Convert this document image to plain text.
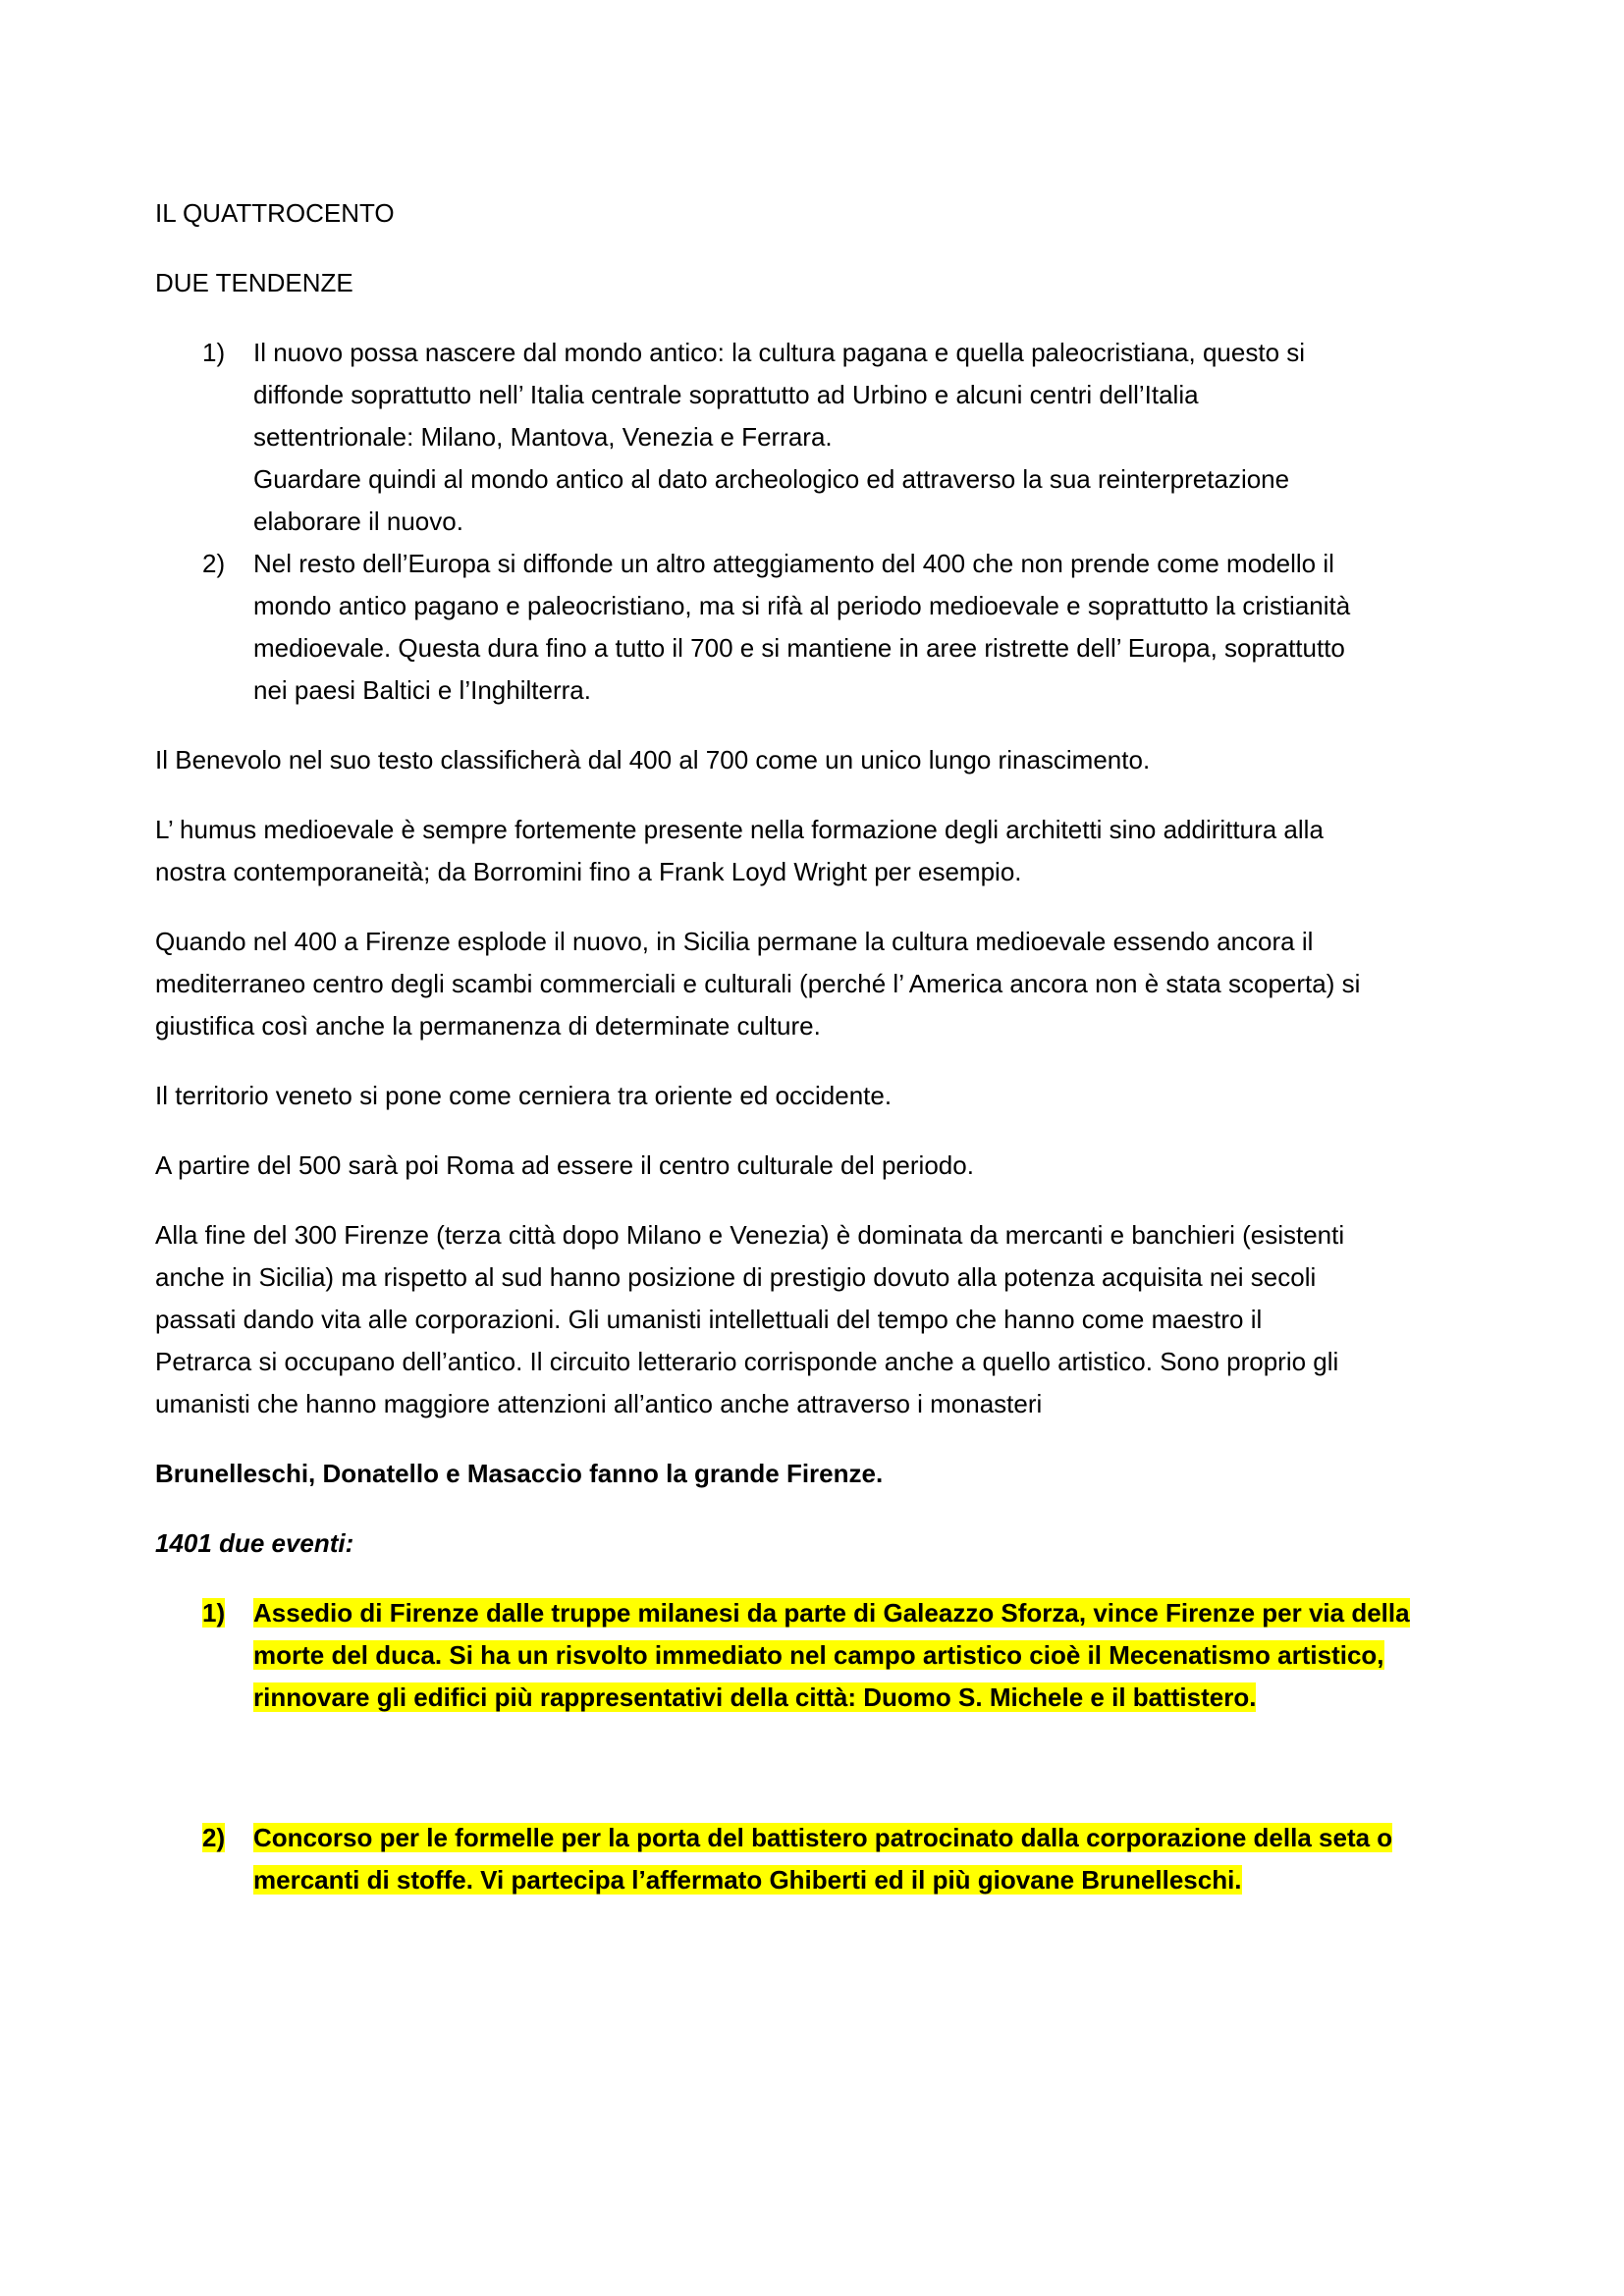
IL QUATTROCENTO
DUE TENDENZE
1) Il nuovo possa nascere dal mondo antico: la cultura pagana e quella paleocristiana, questo si
diffonde soprattutto nell’ Italia centrale soprattutto ad Urbino e alcuni centri dell’Italia
settentrionale: Milano, Mantova, Venezia e Ferrara.
Guardare quindi al mondo antico al dato archeologico ed attraverso la sua reinterpretazione
elaborare il nuovo.
2) Nel resto dell’Europa si diffonde un altro atteggiamento del 400 che non prende come modello il
mondo antico pagano e paleocristiano, ma si rifà al periodo medioevale e soprattutto la cristianità
medioevale. Questa dura fino a tutto il 700 e si mantiene in aree ristrette dell’ Europa, soprattutto
nei paesi Baltici e l’Inghilterra.
Il Benevolo nel suo testo classificherà dal 400 al 700 come un unico lungo rinascimento.
L’ humus medioevale è sempre fortemente presente nella formazione degli architetti sino addirittura alla
nostra contemporaneità; da Borromini fino a Frank Loyd Wright per esempio.
Quando nel 400 a Firenze esplode il nuovo, in Sicilia permane la cultura medioevale essendo ancora il
mediterraneo centro degli scambi commerciali e culturali (perché l’ America ancora non è stata scoperta) si
giustifica così anche la permanenza di determinate culture.
Il territorio veneto si pone come cerniera tra oriente ed occidente.
A partire del 500 sarà poi Roma ad essere il centro culturale del periodo.
Alla fine del 300 Firenze (terza città dopo Milano e Venezia) è dominata da mercanti e banchieri (esistenti
anche in Sicilia) ma rispetto al sud hanno posizione di prestigio dovuto alla potenza acquisita nei secoli
passati dando vita alle corporazioni. Gli umanisti intellettuali del tempo che hanno come maestro il
Petrarca si occupano dell’antico. Il circuito letterario corrisponde anche a quello artistico. Sono proprio gli
umanisti che hanno maggiore attenzioni all’antico anche attraverso i monasteri
Brunelleschi, Donatello e Masaccio fanno la grande Firenze.
1401 due eventi:
1) Assedio di Firenze dalle truppe milanesi da parte di Galeazzo Sforza, vince Firenze per via della
morte del duca. Si ha un risvolto immediato nel campo artistico cioè il Mecenatismo artistico,
rinnovare gli edifici più rappresentativi della città: Duomo S. Michele e il battistero.
2) Concorso per le formelle per la porta del battistero patrocinato dalla corporazione della seta o
mercanti di stoffe. Vi partecipa l’affermato Ghiberti ed il più giovane Brunelleschi.
